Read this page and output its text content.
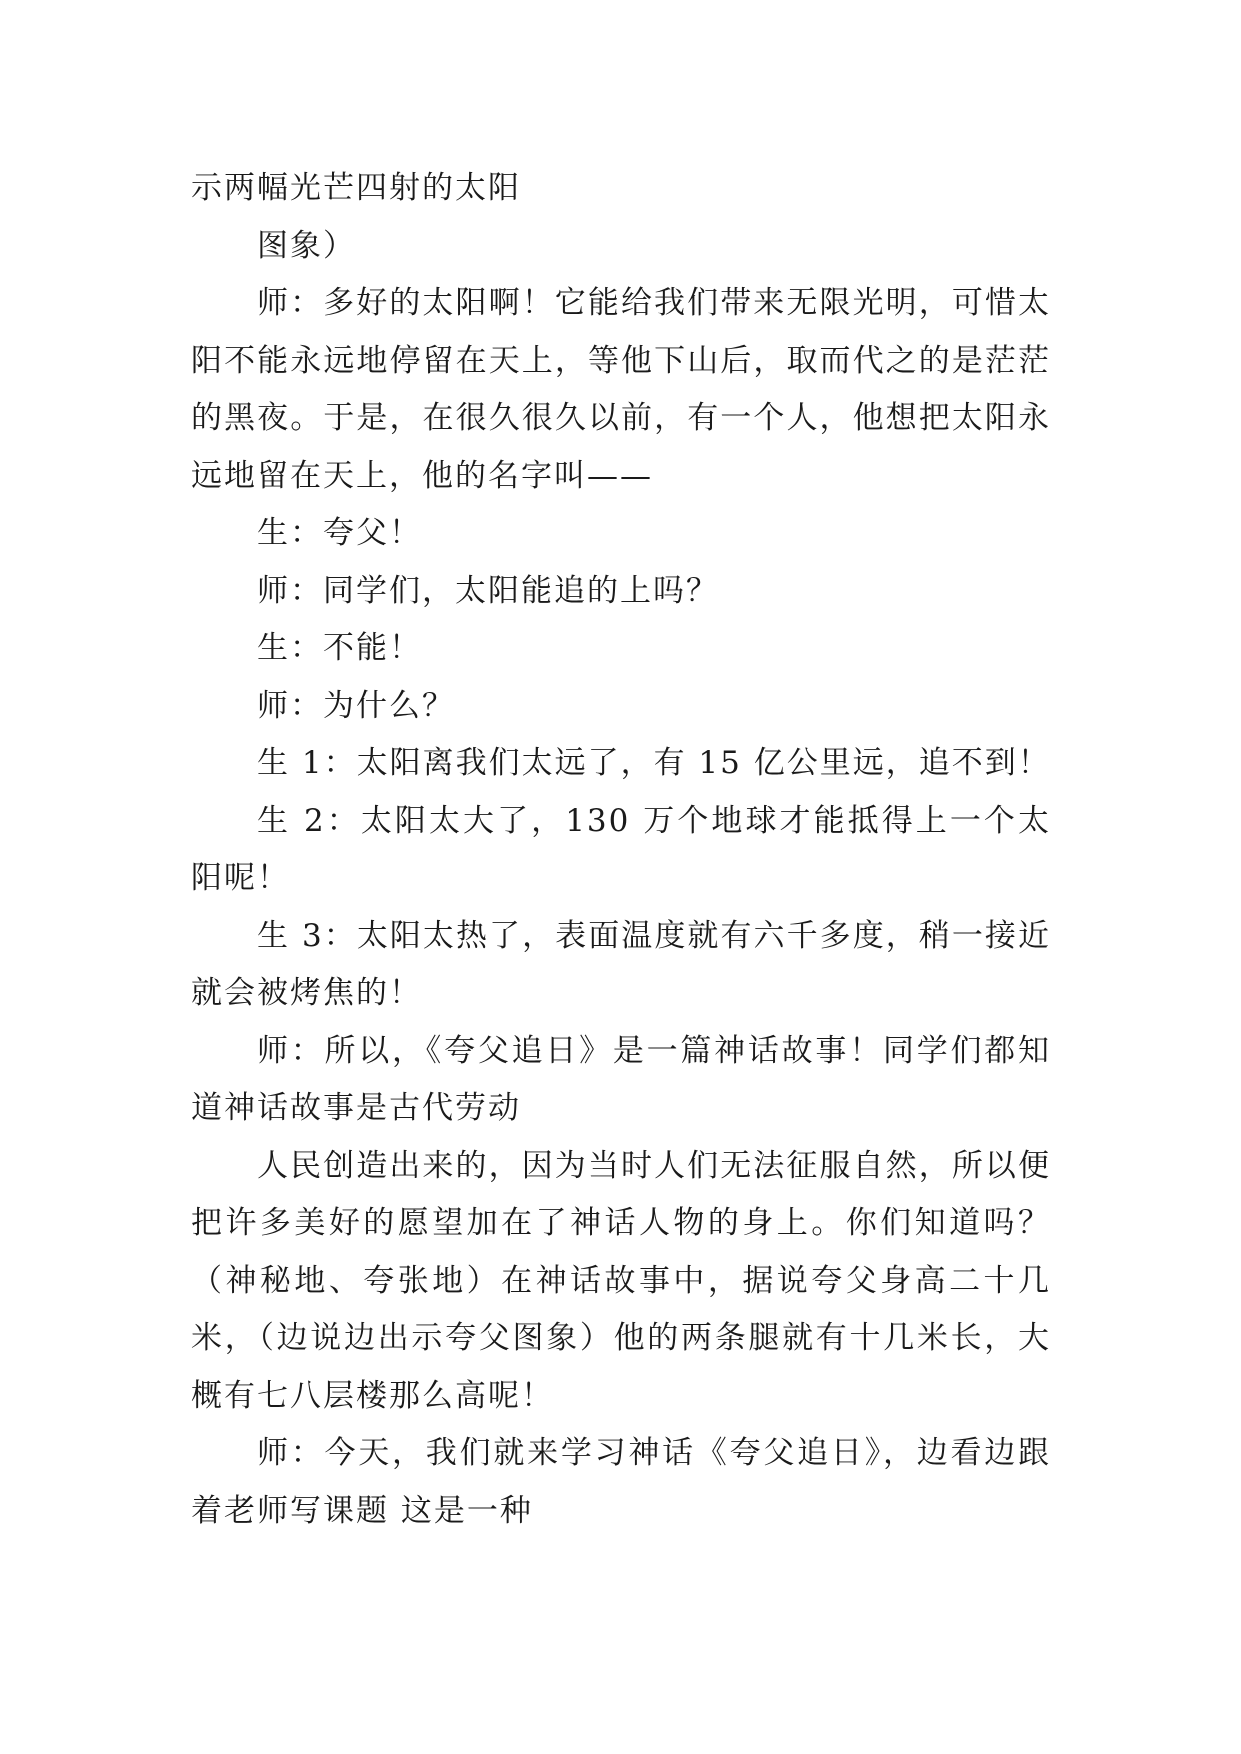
示两幅光芒四射的太阳

图象）

师：多好的太阳啊！它能给我们带来无限光明，可惜太阳不能永远地停留在天上，等他下山后，取而代之的是茫茫的黑夜。于是，在很久很久以前，有一个人，他想把太阳永远地留在天上，他的名字叫——

生：夸父！

师：同学们，太阳能追的上吗？

生：不能！

师：为什么？

生 1：太阳离我们太远了，有 15 亿公里远，追不到！

生 2：太阳太大了，130 万个地球才能抵得上一个太阳呢！

生 3：太阳太热了，表面温度就有六千多度，稍一接近就会被烤焦的！

师：所以，《夸父追日》是一篇神话故事！同学们都知道神话故事是古代劳动

人民创造出来的，因为当时人们无法征服自然，所以便把许多美好的愿望加在了神话人物的身上。你们知道吗？（神秘地、夸张地）在神话故事中，据说夸父身高二十几米，（边说边出示夸父图象）他的两条腿就有十几米长，大概有七八层楼那么高呢！

师：今天，我们就来学习神话《夸父追日》，边看边跟着老师写课题 这是一种
